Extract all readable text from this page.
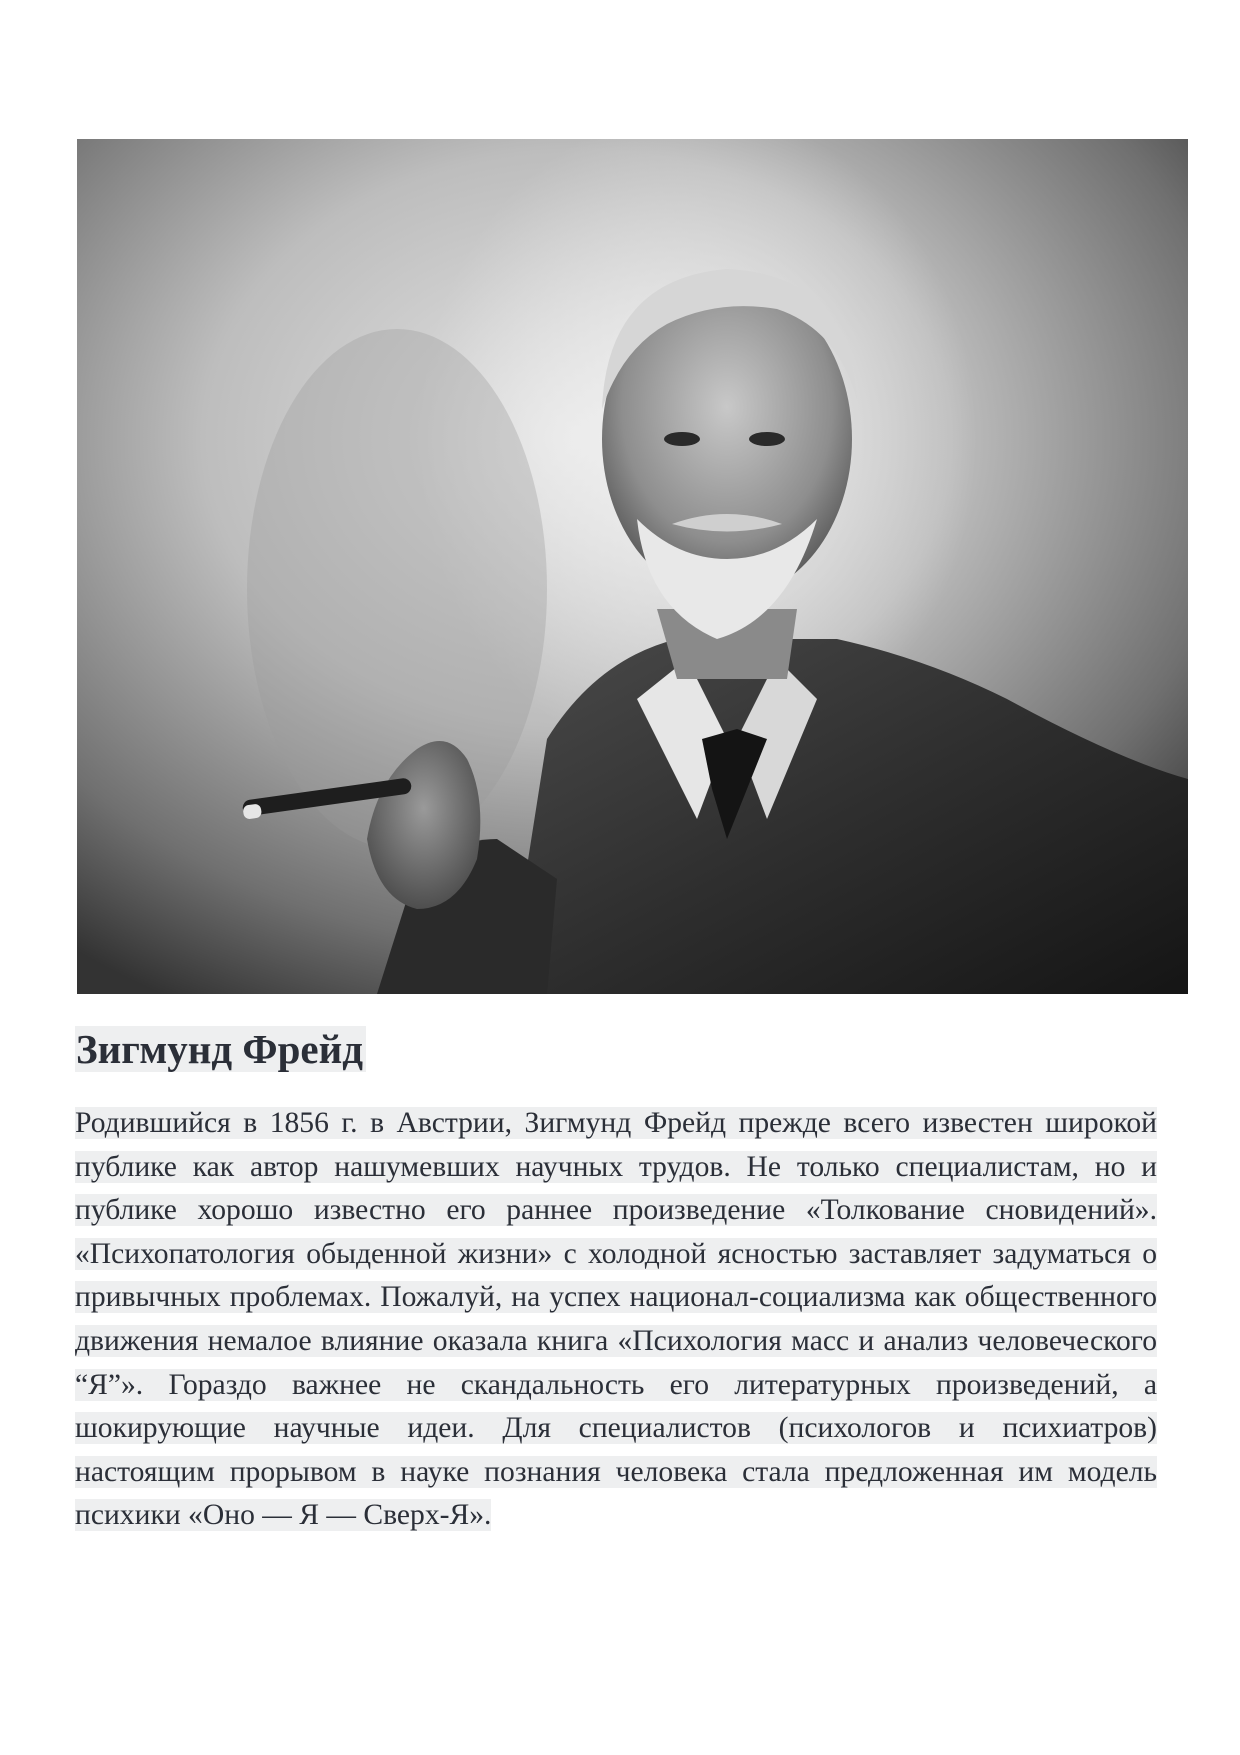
Зигмунд Фрейд

Родившийся в 1856 г. в Австрии, Зигмунд Фрейд прежде всего известен широкой публике как автор нашумевших научных трудов. Не только специалистам, но и публике хорошо известно его раннее произведение «Толкование сновидений». «Психопатология обыденной жизни» с холодной ясностью заставляет задуматься о привычных проблемах. Пожалуй, на успех национал-социализма как общественного движения немалое влияние оказала книга «Психология масс и анализ человеческого “Я”». Гораздо важнее не скандальность его литературных произведений, а шокирующие научные идеи. Для специалистов (психологов и психиатров) настоящим прорывом в науке познания человека стала предложенная им модель психики «Оно — Я — Сверх-Я».
